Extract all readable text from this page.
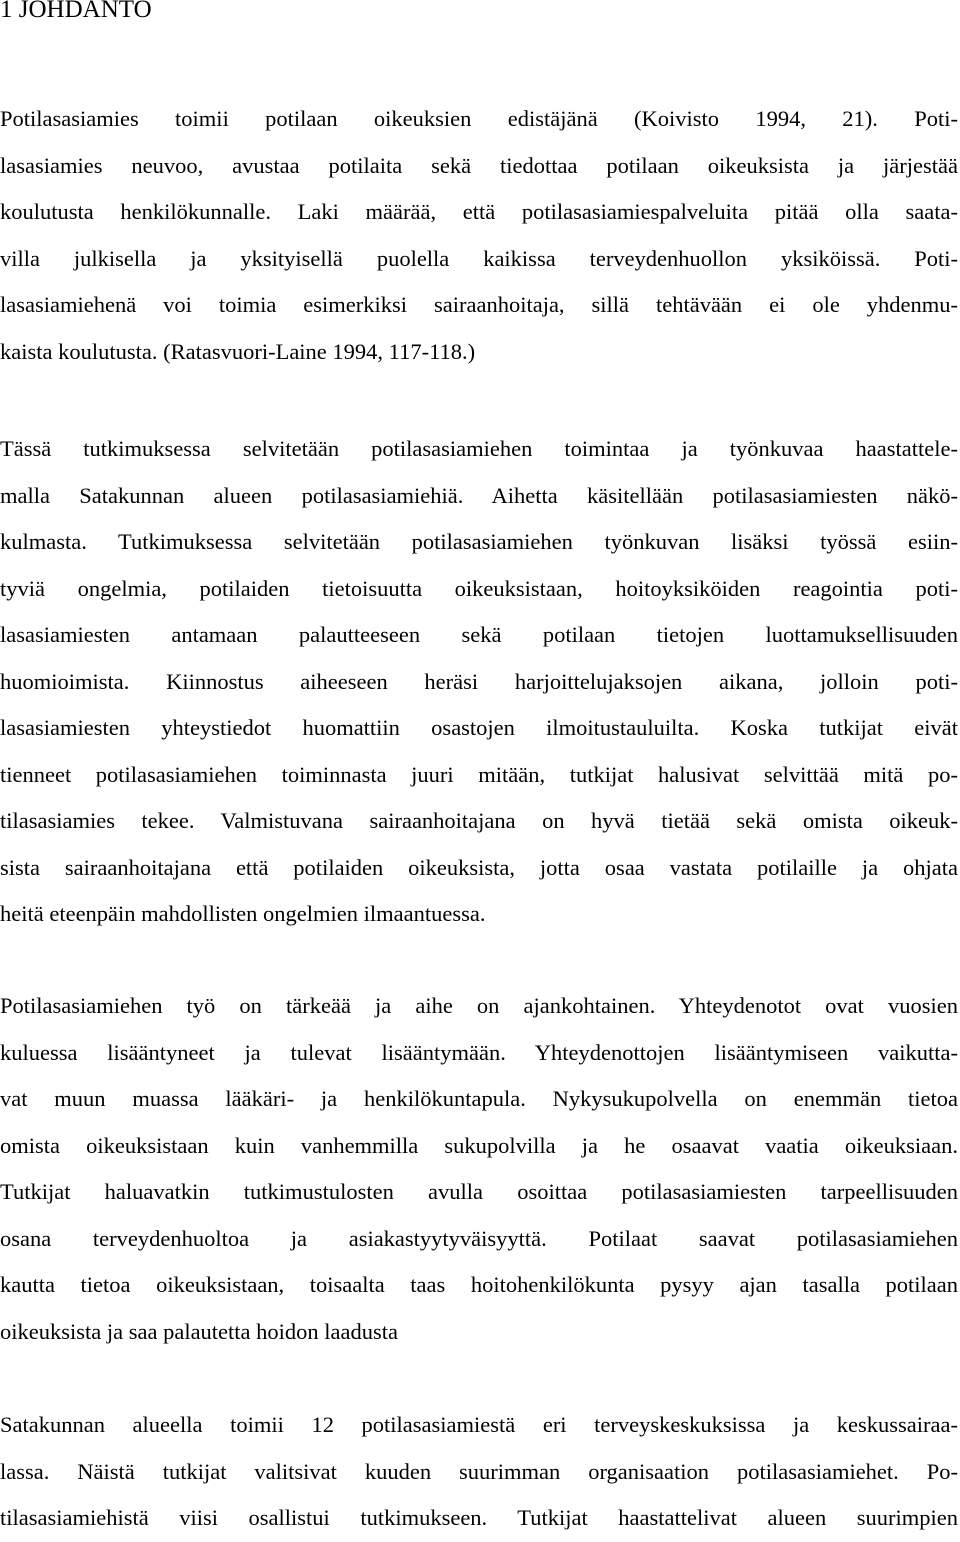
1 JOHDANTO
Potilasasiamies toimii potilaan oikeuksien edistäjänä (Koivisto 1994, 21). Poti-
lasasiamies neuvoo, avustaa potilaita sekä tiedottaa potilaan oikeuksista ja järjestää
koulutusta henkilökunnalle. Laki määrää, että potilasasiamiespalveluita pitää olla saata-
villa julkisella ja yksityisellä puolella kaikissa terveydenhuollon yksiköissä. Poti-
lasasiamiehenä voi toimia esimerkiksi sairaanhoitaja, sillä tehtävään ei ole yhdenmu-
kaista koulutusta. (Ratasvuori-Laine 1994, 117-118.)
Tässä tutkimuksessa selvitetään potilasasiamiehen toimintaa ja työnkuvaa haastattele-
malla Satakunnan alueen potilasasiamiehiä. Aihetta käsitellään potilasasiamiesten näkö-
kulmasta. Tutkimuksessa selvitetään potilasasiamiehen työnkuvan lisäksi työssä esiin-
tyviä ongelmia, potilaiden tietoisuutta oikeuksistaan, hoitoyksiköiden reagointia poti-
lasasiamiesten antamaan palautteeseen sekä potilaan tietojen luottamuksellisuuden
huomioimista. Kiinnostus aiheeseen heräsi harjoittelujaksojen aikana, jolloin poti-
lasasiamiesten yhteystiedot huomattiin osastojen ilmoitustauluilta. Koska tutkijat eivät
tienneet potilasasiamiehen toiminnasta juuri mitään, tutkijat halusivat selvittää mitä po-
tilasasiamies tekee. Valmistuvana sairaanhoitajana on hyvä tietää sekä omista oikeuk-
sista sairaanhoitajana että potilaiden oikeuksista, jotta osaa vastata potilaille ja ohjata
heitä eteenpäin mahdollisten ongelmien ilmaantuessa.
Potilasasiamiehen työ on tärkeää ja aihe on ajankohtainen. Yhteydenotot ovat vuosien
kuluessa lisääntyneet ja tulevat lisääntymään. Yhteydenottojen lisääntymiseen vaikutta-
vat muun muassa lääkäri- ja henkilökuntapula. Nykysukupolvella on enemmän tietoa
omista oikeuksistaan kuin vanhemmilla sukupolvilla ja he osaavat vaatia oikeuksiaan.
Tutkijat haluavatkin tutkimustulosten avulla osoittaa potilasasiamiesten tarpeellisuuden
osana terveydenhuoltoa ja asiakastyytyväisyyttä. Potilaat saavat potilasasiamiehen
kautta tietoa oikeuksistaan, toisaalta taas hoitohenkilökunta pysyy ajan tasalla potilaan
oikeuksista ja saa palautetta hoidon laadusta
Satakunnan alueella toimii 12 potilasasiamiestä eri terveyskeskuksissa ja keskussairaa-
lassa. Näistä tutkijat valitsivat kuuden suurimman organisaation potilasasiamiehet. Po-
tilasasiamiehistä viisi osallistui tutkimukseen. Tutkijat haastattelivat alueen suurimpien
